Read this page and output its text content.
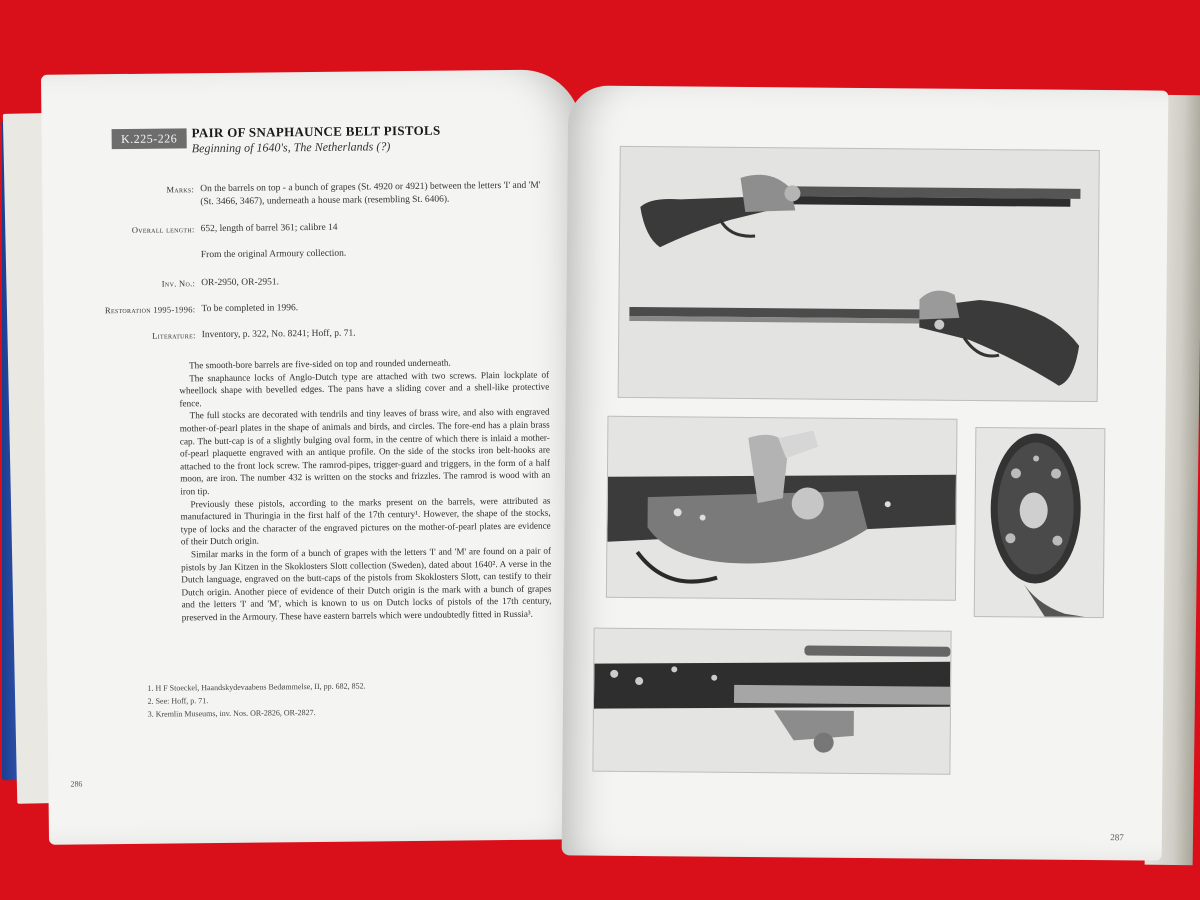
K.225-226	PAIR OF SNAPHAUNCE BELT PISTOLS
Beginning of 1640's, The Netherlands (?)
Marks: On the barrels on top - a bunch of grapes (St. 4920 or 4921) between the letters 'I' and 'M' (St. 3466, 3467), underneath a house mark (resembling St. 6406).
Overall length: 652, length of barrel 361; calibre 14
From the original Armoury collection.
Inv. No.: OR-2950, OR-2951.
Restoration 1995-1996: To be completed in 1996.
Literature: Inventory, p. 322, No. 8241; Hoff, p. 71.

The smooth-bore barrels are five-sided on top and rounded underneath.

The snaphaunce locks of Anglo-Dutch type are attached with two screws. Plain lockplate of wheellock shape with bevelled edges. The pans have a sliding cover and a shell-like protective fence.

The full stocks are decorated with tendrils and tiny leaves of brass wire, and also with engraved mother-of-pearl plates in the shape of animals and birds, and circles. The fore-end has a plain brass cap. The butt-cap is of a slightly bulging oval form, in the centre of which there is inlaid a mother-of-pearl plaquette engraved with an antique profile. On the side of the stocks iron belt-hooks are attached to the front lock screw. The ramrod-pipes, trigger-guard and triggers, in the form of a half moon, are iron. The number 432 is written on the stocks and frizzles. The ramrod is wood with an iron tip.

Previously these pistols, according to the marks present on the barrels, were attributed as manufactured in Thuringia in the first half of the 17th century¹. However, the shape of the stocks, type of locks and the character of the engraved pictures on the mother-of-pearl plates are evidence of their Dutch origin.

Similar marks in the form of a bunch of grapes with the letters 'I' and 'M' are found on a pair of pistols by Jan Kitzen in the Skoklosters Slott collection (Sweden), dated about 1640². A verse in the Dutch language, engraved on the butt-caps of the pistols from Skoklosters Slott, can testify to their Dutch origin. Another piece of evidence of their Dutch origin is the mark with a bunch of grapes and the letters 'I' and 'M', which is known to us on Dutch locks of pistols of the 17th century, preserved in the Armoury. These have eastern barrels which were undoubtedly fitted in Russia³.

1. H F Stoeckel, Haandskydevaabens Bedømmelse, II, pp. 682, 852.
2. See: Hoff, p. 71.
3. Kremlin Museums, inv. Nos. OR-2826, OR-2827.
286
287
